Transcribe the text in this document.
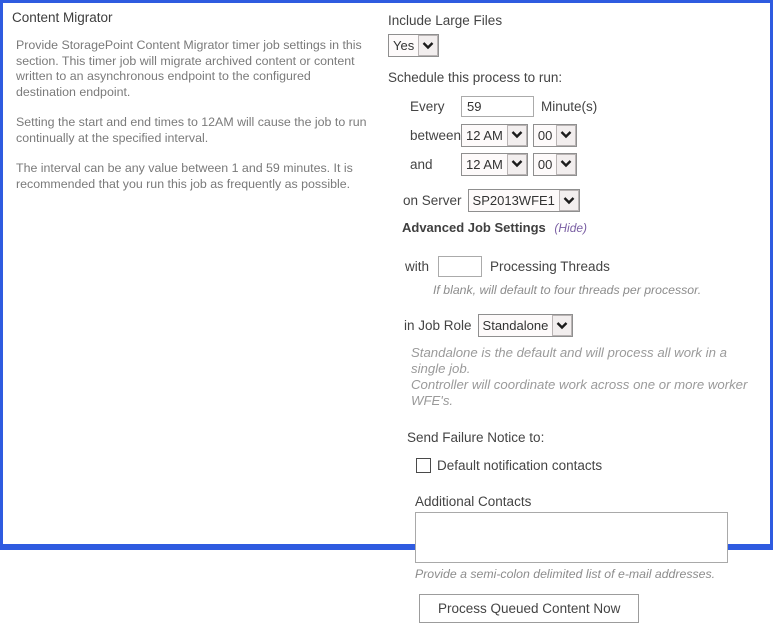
Content Migrator
Provide StoragePoint Content Migrator timer job settings in this section. This timer job will migrate archived content or content written to an asynchronous endpoint to the configured destination endpoint.
Setting the start and end times to 12AM will cause the job to run continually at the specified interval.
The interval can be any value between 1 and 59 minutes. It is recommended that you run this job as frequently as possible.
Include Large Files
Yes
Schedule this process to run:
Every
59	Minute(s)
between 12 AM	00
and	12 AM	00
on Server SP2013WFE1
Advanced Job Settings (Hide)
with	Processing Threads
If blank, will default to four threads per processor.
in Job Role Standalone
Standalone is the default and will process all work in a single job.
Controller will coordinate work across one or more worker WFE's.
Send Failure Notice to:
Default notification contacts
Additional Contacts
Provide a semi-colon delimited list of e-mail addresses.
Process Queued Content Now
